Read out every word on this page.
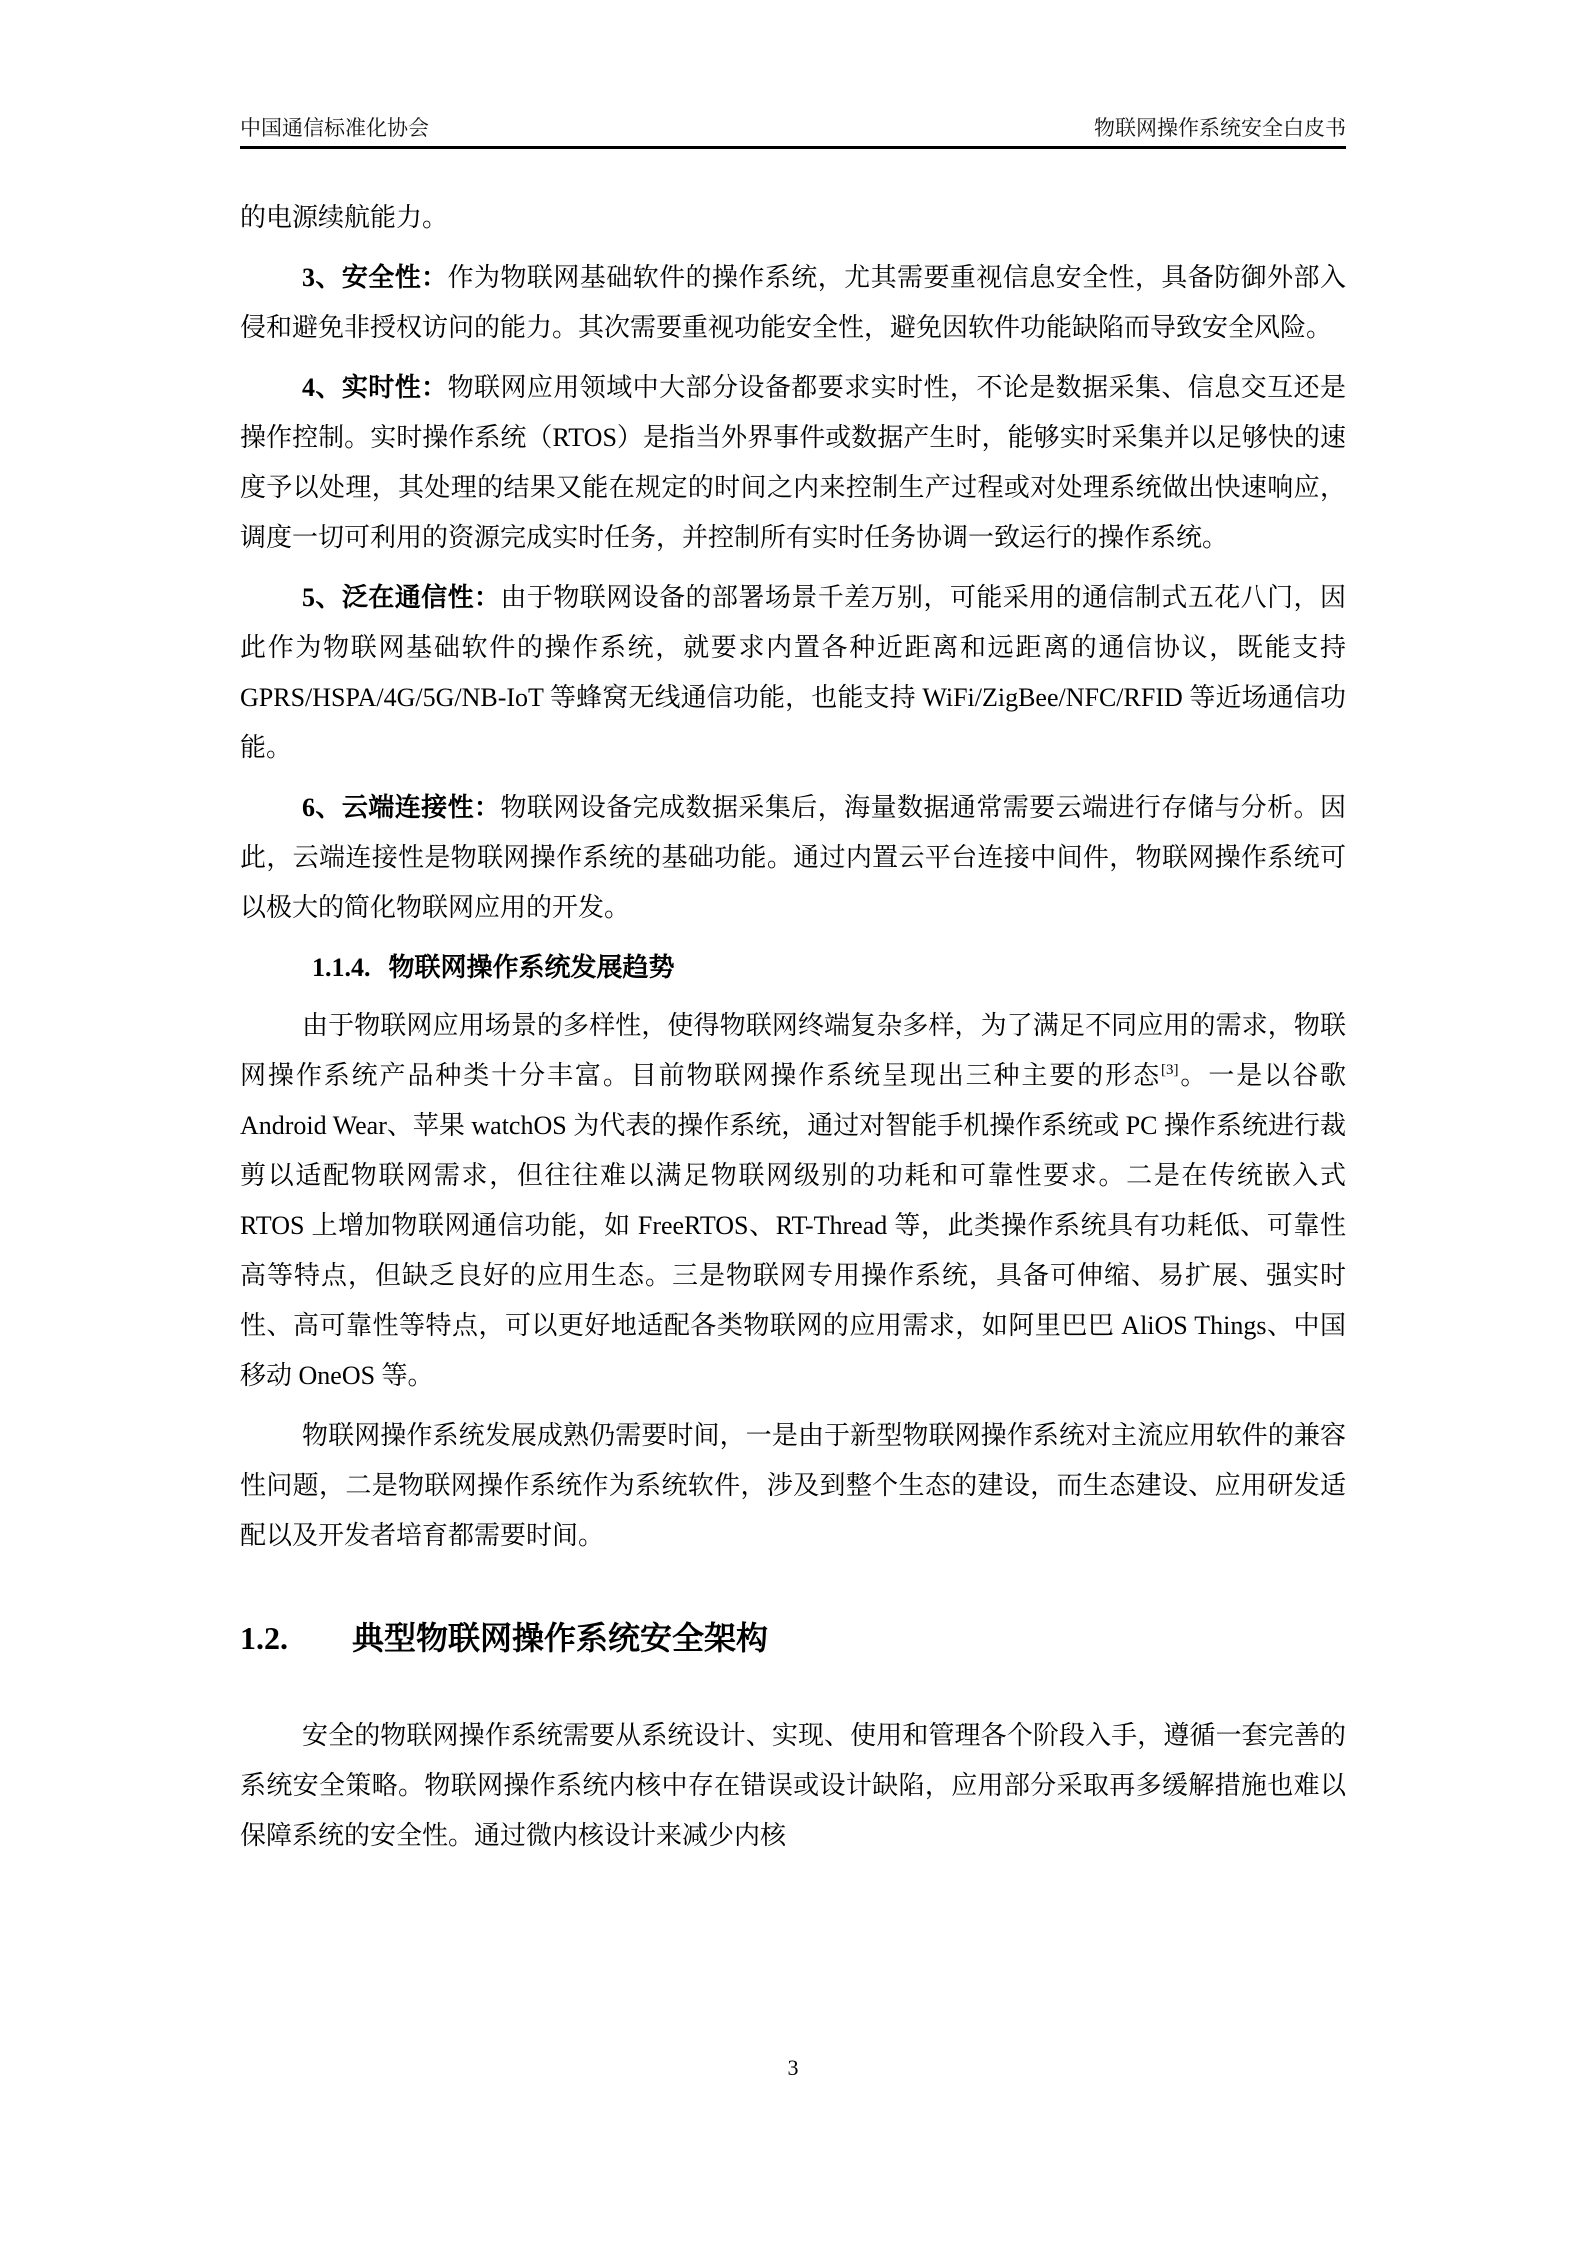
中国通信标准化协会	物联网操作系统安全白皮书

的电源续航能力。

3、安全性：作为物联网基础软件的操作系统，尤其需要重视信息安全性，具备防御外部入侵和避免非授权访问的能力。其次需要重视功能安全性，避免因软件功能缺陷而导致安全风险。

4、实时性：物联网应用领域中大部分设备都要求实时性，不论是数据采集、信息交互还是操作控制。实时操作系统（RTOS）是指当外界事件或数据产生时，能够实时采集并以足够快的速度予以处理，其处理的结果又能在规定的时间之内来控制生产过程或对处理系统做出快速响应，调度一切可利用的资源完成实时任务，并控制所有实时任务协调一致运行的操作系统。

5、泛在通信性：由于物联网设备的部署场景千差万别，可能采用的通信制式五花八门，因此作为物联网基础软件的操作系统，就要求内置各种近距离和远距离的通信协议，既能支持 GPRS/HSPA/4G/5G/NB-IoT 等蜂窝无线通信功能，也能支持 WiFi/ZigBee/NFC/RFID 等近场通信功能。

6、云端连接性：物联网设备完成数据采集后，海量数据通常需要云端进行存储与分析。因此，云端连接性是物联网操作系统的基础功能。通过内置云平台连接中间件，物联网操作系统可以极大的简化物联网应用的开发。

1.1.4. 物联网操作系统发展趋势

由于物联网应用场景的多样性，使得物联网终端复杂多样，为了满足不同应用的需求，物联网操作系统产品种类十分丰富。目前物联网操作系统呈现出三种主要的形态[3]。一是以谷歌 Android Wear、苹果 watchOS 为代表的操作系统，通过对智能手机操作系统或 PC 操作系统进行裁剪以适配物联网需求，但往往难以满足物联网级别的功耗和可靠性要求。二是在传统嵌入式 RTOS 上增加物联网通信功能，如 FreeRTOS、RT-Thread 等，此类操作系统具有功耗低、可靠性高等特点，但缺乏良好的应用生态。三是物联网专用操作系统，具备可伸缩、易扩展、强实时性、高可靠性等特点，可以更好地适配各类物联网的应用需求，如阿里巴巴 AliOS Things、中国移动 OneOS 等。

物联网操作系统发展成熟仍需要时间，一是由于新型物联网操作系统对主流应用软件的兼容性问题，二是物联网操作系统作为系统软件，涉及到整个生态的建设，而生态建设、应用研发适配以及开发者培育都需要时间。

1.2. 典型物联网操作系统安全架构

安全的物联网操作系统需要从系统设计、实现、使用和管理各个阶段入手，遵循一套完善的系统安全策略。物联网操作系统内核中存在错误或设计缺陷，应用部分采取再多缓解措施也难以保障系统的安全性。通过微内核设计来减少内核

3
